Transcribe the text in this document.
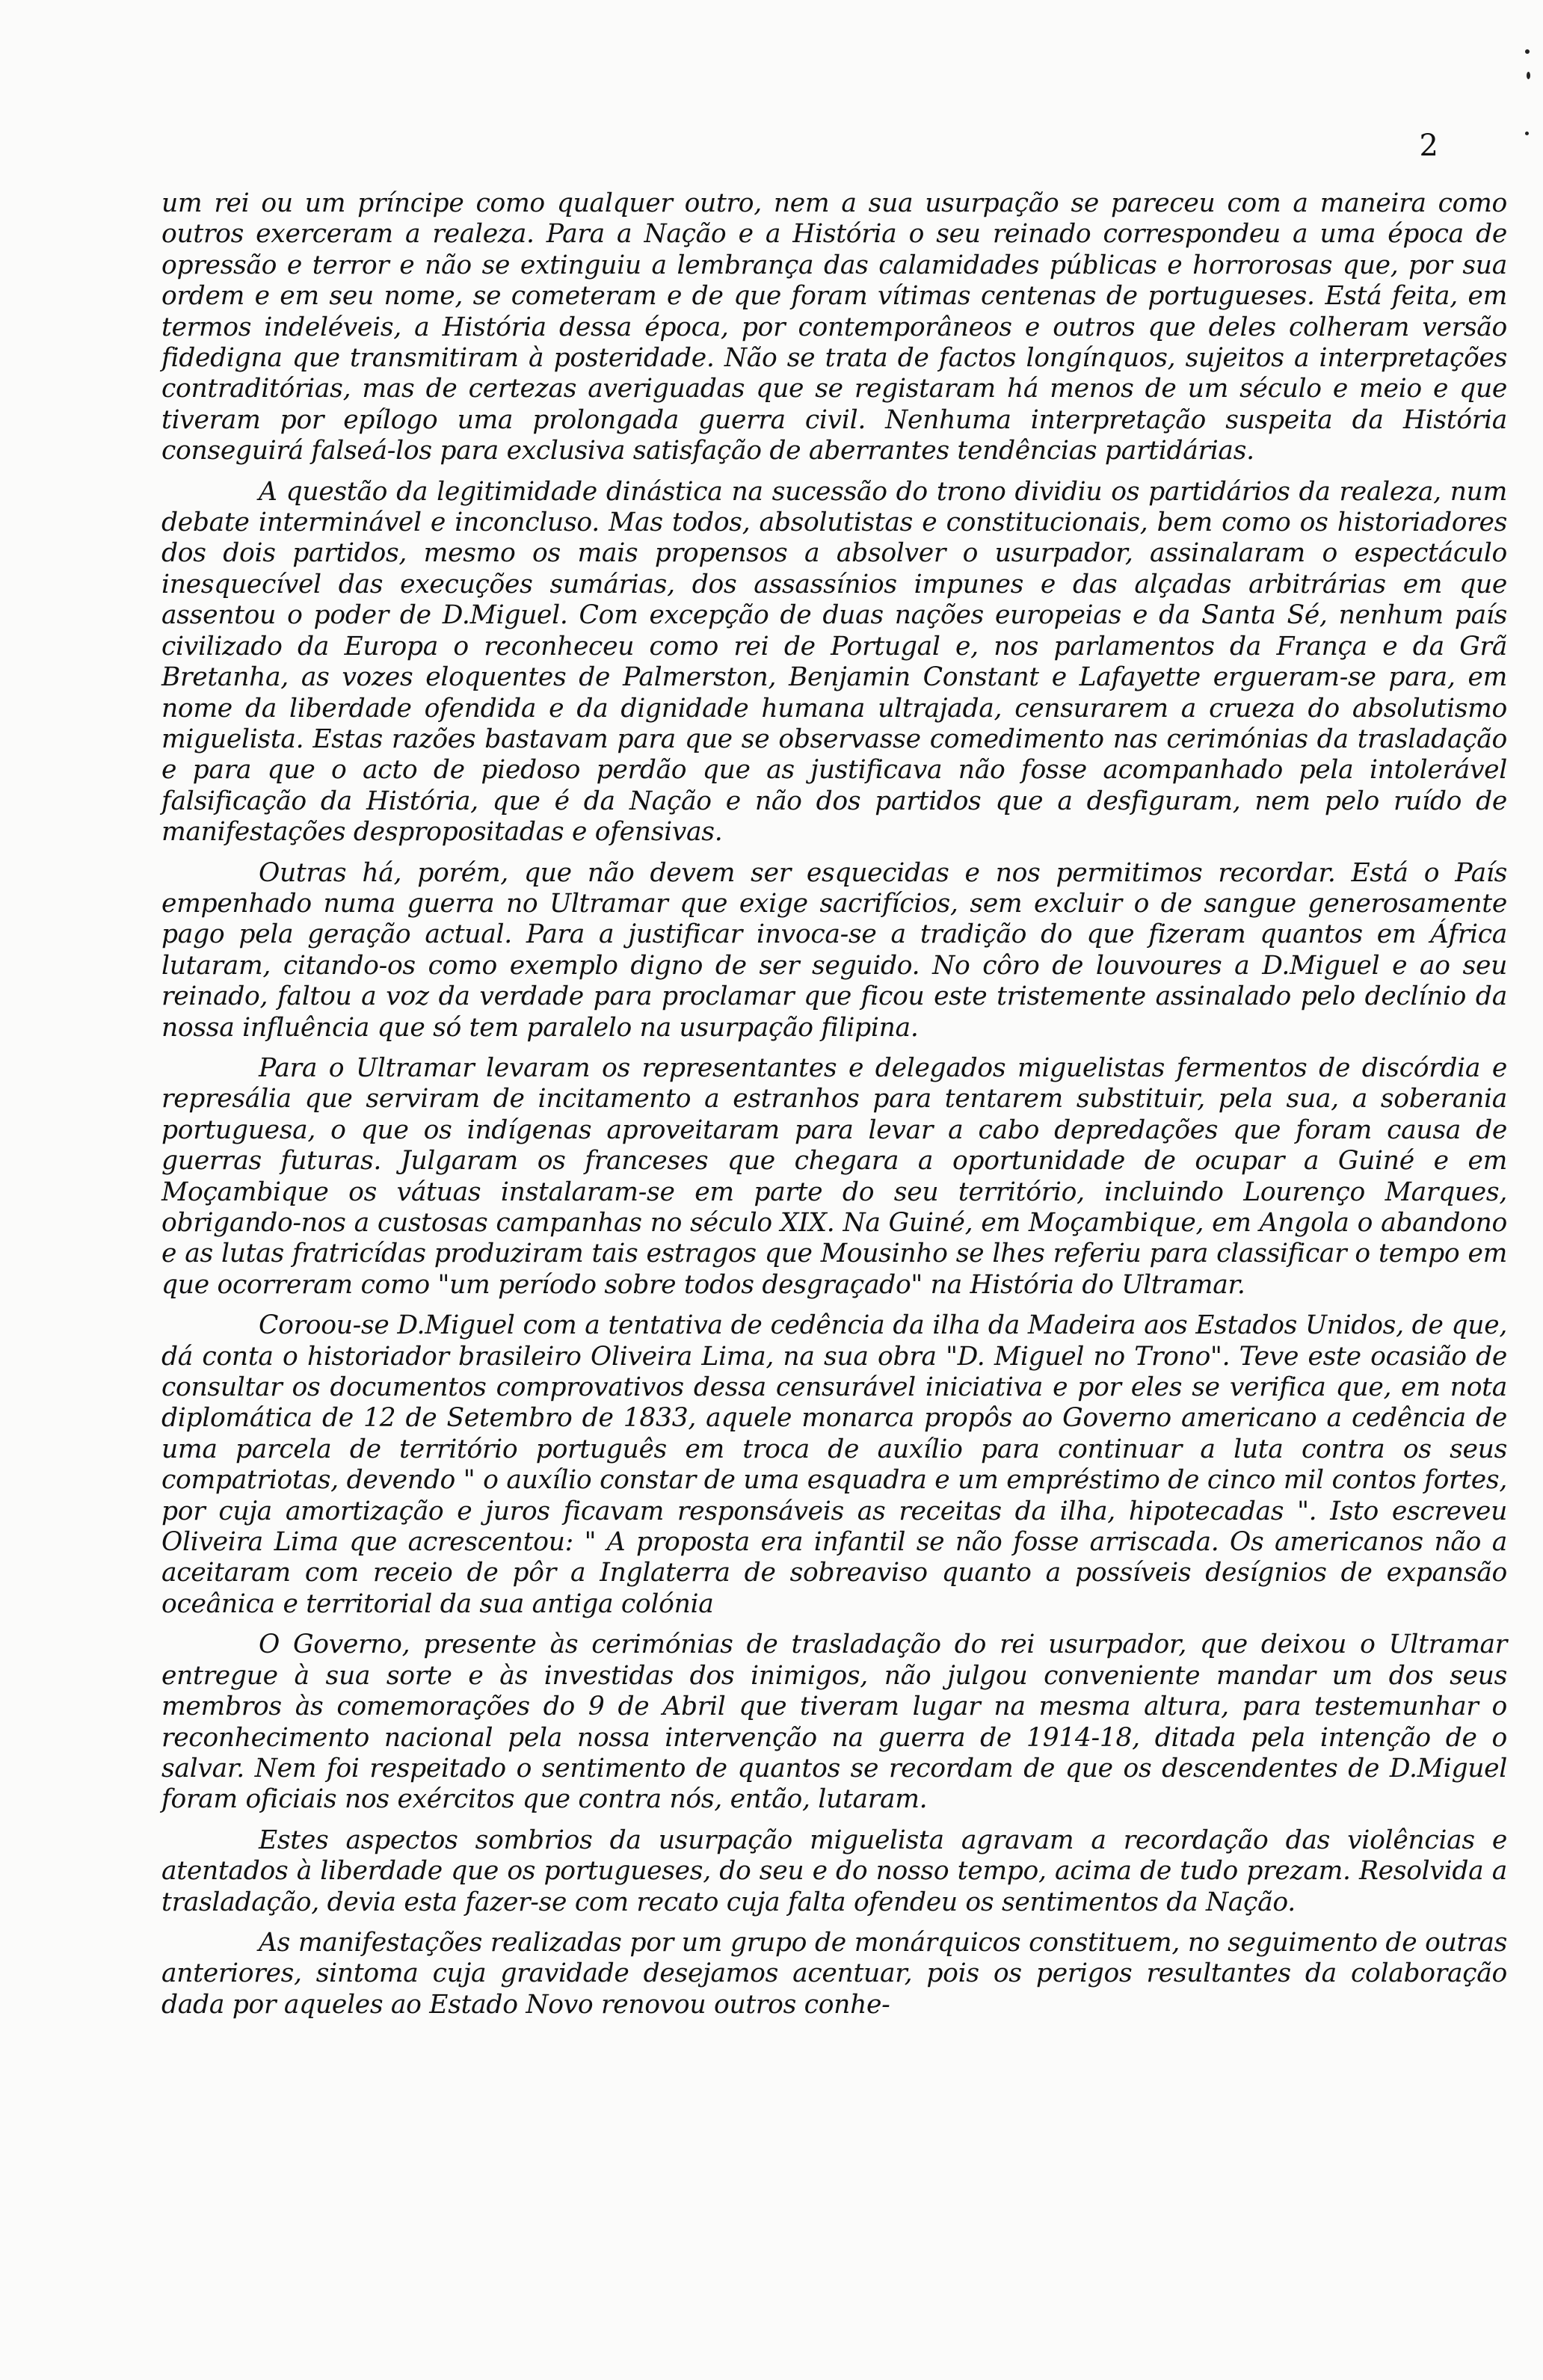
2

um rei ou um príncipe como qualquer outro, nem a sua usurpação se pareceu com a maneira como outros exerceram a realeza. Para a Nação e a História o seu reinado correspondeu a uma época de opressão e terror e não se extinguiu a lembrança das calamidades públicas e horrorosas que, por sua ordem e em seu nome, se cometeram e de que foram vítimas centenas de portugueses. Está feita, em termos indeléveis, a História dessa época, por contemporâneos e outros que deles colheram versão fidedigna que transmitiram à posteridade. Não se trata de factos longínquos, sujeitos a interpretações contraditórias, mas de certezas averiguadas que se registaram há menos de um século e meio e que tiveram por epílogo uma prolongada guerra civil. Nenhuma interpretação suspeita da História conseguirá falseá-los para exclusiva satisfação de aberrantes tendências partidárias.

A questão da legitimidade dinástica na sucessão do trono dividiu os partidários da realeza, num debate interminável e inconcluso. Mas todos, absolutistas e constitucionais, bem como os historiadores dos dois partidos, mesmo os mais propensos a absolver o usurpador, assinalaram o espectáculo inesquecível das execuções sumárias, dos assassínios impunes e das alçadas arbitrárias em que assentou o poder de D.Miguel. Com excepção de duas nações europeias e da Santa Sé, nenhum país civilizado da Europa o reconheceu como rei de Portugal e, nos parlamentos da França e da Grã Bretanha, as vozes eloquentes de Palmerston, Benjamin Constant e Lafayette ergueram-se para, em nome da liberdade ofendida e da dignidade humana ultrajada, censurarem a crueza do absolutismo miguelista. Estas razões bastavam para que se observasse comedimento nas cerimónias da trasladação e para que o acto de piedoso perdão que as justificava não fosse acompanhado pela intolerável falsificação da História, que é da Nação e não dos partidos que a desfiguram, nem pelo ruído de manifestações despropositadas e ofensivas.

Outras há, porém, que não devem ser esquecidas e nos permitimos recordar. Está o País empenhado numa guerra no Ultramar que exige sacrifícios, sem excluir o de sangue generosamente pago pela geração actual. Para a justificar invoca-se a tradição do que fizeram quantos em África lutaram, citando-os como exemplo digno de ser seguido. No côro de louvoures a D.Miguel e ao seu reinado, faltou a voz da verdade para proclamar que ficou este tristemente assinalado pelo declínio da nossa influência que só tem paralelo na usurpação filipina.

Para o Ultramar levaram os representantes e delegados miguelistas fermentos de discórdia e represália que serviram de incitamento a estranhos para tentarem substituir, pela sua, a soberania portuguesa, o que os indígenas aproveitaram para levar a cabo depredações que foram causa de guerras futuras. Julgaram os franceses que chegara a oportunidade de ocupar a Guiné e em Moçambique os vátuas instalaram-se em parte do seu território, incluindo Lourenço Marques, obrigando-nos a custosas campanhas no século XIX. Na Guiné, em Moçambique, em Angola o abandono e as lutas fratricídas produziram tais estragos que Mousinho se lhes referiu para classificar o tempo em que ocorreram como "um período sobre todos desgraçado" na História do Ultramar.

Coroou-se D.Miguel com a tentativa de cedência da ilha da Madeira aos Estados Unidos, de que, dá conta o historiador brasileiro Oliveira Lima, na sua obra "D. Miguel no Trono". Teve este ocasião de consultar os documentos comprovativos dessa censurável iniciativa e por eles se verifica que, em nota diplomática de 12 de Setembro de 1833, aquele monarca propôs ao Governo americano a cedência de uma parcela de território português em troca de auxílio para continuar a luta contra os seus compatriotas, devendo " o auxílio constar de uma esquadra e um empréstimo de cinco mil contos fortes, por cuja amortização e juros ficavam responsáveis as receitas da ilha, hipotecadas ". Isto escreveu Oliveira Lima que acrescentou: " A proposta era infantil se não fosse arriscada. Os americanos não a aceitaram com receio de pôr a Inglaterra de sobreaviso quanto a possíveis desígnios de expansão oceânica e territorial da sua antiga colónia

O Governo, presente às cerimónias de trasladação do rei usurpador, que deixou o Ultramar entregue à sua sorte e às investidas dos inimigos, não julgou conveniente mandar um dos seus membros às comemorações do 9 de Abril que tiveram lugar na mesma altura, para testemunhar o reconhecimento nacional pela nossa intervenção na guerra de 1914-18, ditada pela intenção de o salvar. Nem foi respeitado o sentimento de quantos se recordam de que os descendentes de D.Miguel foram oficiais nos exércitos que contra nós, então, lutaram.

Estes aspectos sombrios da usurpação miguelista agravam a recordação das violências e atentados à liberdade que os portugueses, do seu e do nosso tempo, acima de tudo prezam. Resolvida a trasladação, devia esta fazer-se com recato cuja falta ofendeu os sentimentos da Nação.

As manifestações realizadas por um grupo de monárquicos constituem, no seguimento de outras anteriores, sintoma cuja gravidade desejamos acentuar, pois os perigos resultantes da colaboração dada por aqueles ao Estado Novo renovou outros conhe-
